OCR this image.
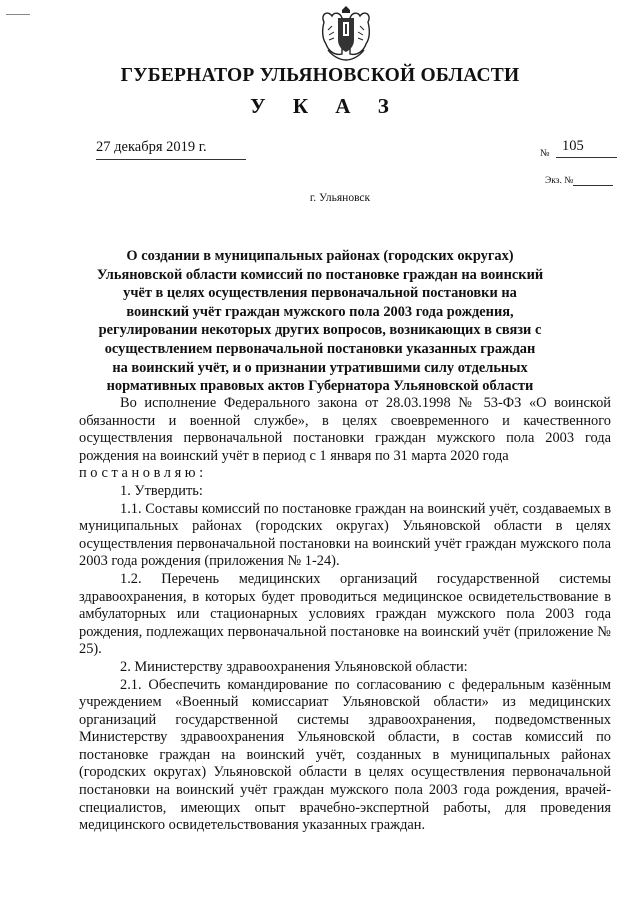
ГУБЕРНАТОР УЛЬЯНОВСКОЙ ОБЛАСТИ
У К А З
27 декабря 2019 г.	№ 105
Экз. №
г. Ульяновск
О создании в муниципальных районах (городских округах) Ульяновской области комиссий по постановке граждан на воинский учёт в целях осуществления первоначальной постановки на воинский учёт граждан мужского пола 2003 года рождения, регулировании некоторых других вопросов, возникающих в связи с осуществлением первоначальной постановки указанных граждан на воинский учёт, и о признании утратившими силу отдельных нормативных правовых актов Губернатора Ульяновской области

Во исполнение Федерального закона от 28.03.1998 № 53-ФЗ «О воинской обязанности и военной службе», в целях своевременного и качественного осуществления первоначальной постановки граждан мужского пола 2003 года рождения на воинский учёт в период с 1 января по 31 марта 2020 года

постановляю:

1. Утвердить:

1.1. Составы комиссий по постановке граждан на воинский учёт, создаваемых в муниципальных районах (городских округах) Ульяновской области в целях осуществления первоначальной постановки на воинский учёт граждан мужского пола 2003 года рождения (приложения № 1-24).

1.2. Перечень медицинских организаций государственной системы здравоохранения, в которых будет проводиться медицинское освидетельствование в амбулаторных или стационарных условиях граждан мужского пола 2003 года рождения, подлежащих первоначальной постановке на воинский учёт (приложение № 25).

2. Министерству здравоохранения Ульяновской области:

2.1. Обеспечить командирование по согласованию с федеральным казённым учреждением «Военный комиссариат Ульяновской области» из медицинских организаций государственной системы здравоохранения, подведомственных Министерству здравоохранения Ульяновской области, в состав комиссий по постановке граждан на воинский учёт, созданных в муниципальных районах (городских округах) Ульяновской области в целях осуществления первоначальной постановки на воинский учёт граждан мужского пола 2003 года рождения, врачей-специалистов, имеющих опыт врачебно-экспертной работы, для проведения медицинского освидетельствования указанных граждан.
